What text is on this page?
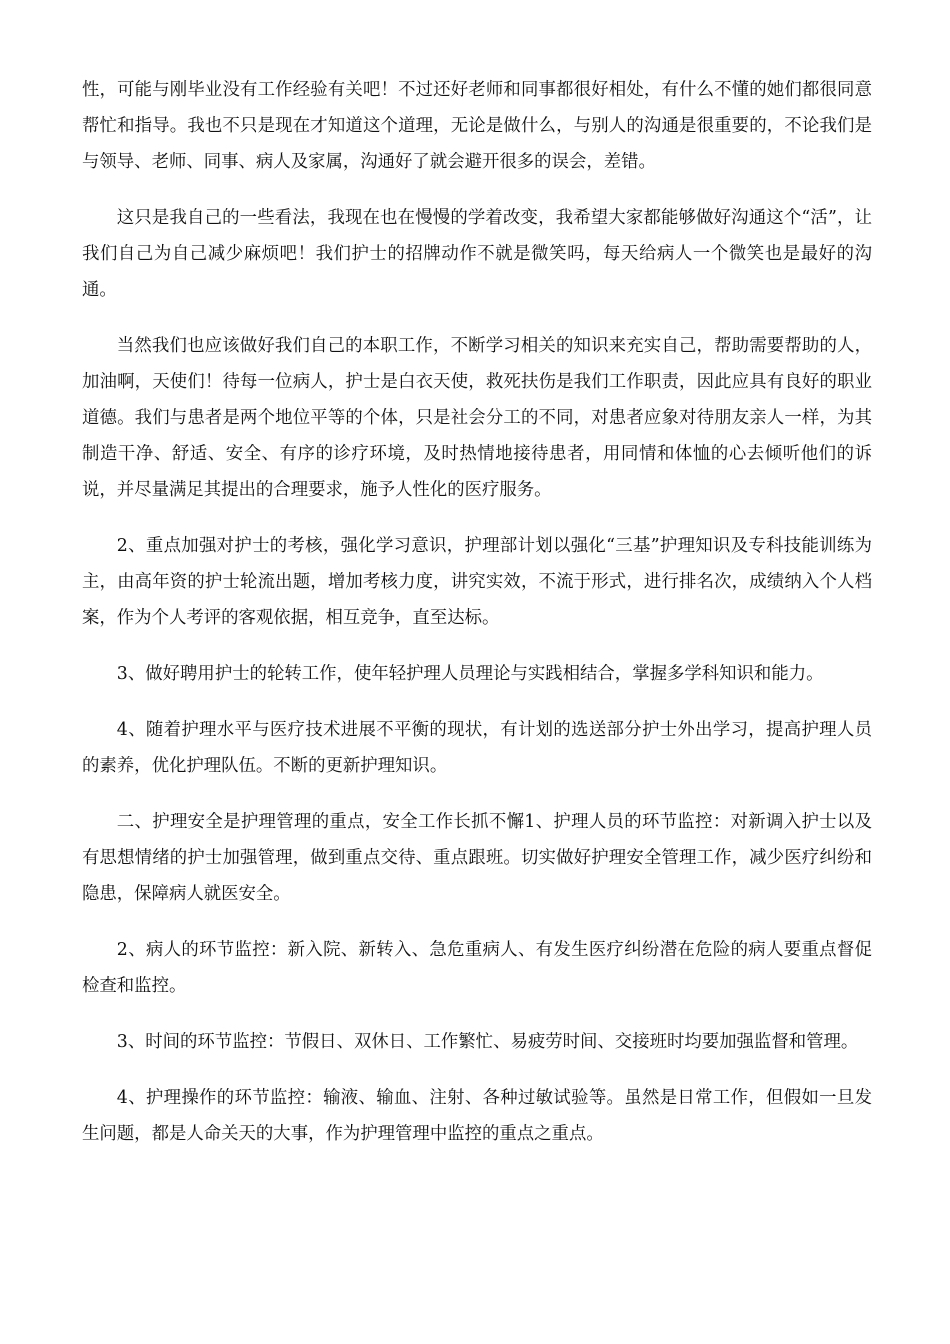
性，可能与刚毕业没有工作经验有关吧！不过还好老师和同事都很好相处，有什么不懂的她们都很同意帮忙和指导。我也不只是现在才知道这个道理，无论是做什么，与别人的沟通是很重要的，不论我们是与领导、老师、同事、病人及家属，沟通好了就会避开很多的误会，差错。

这只是我自己的一些看法，我现在也在慢慢的学着改变，我希望大家都能够做好沟通这个“活”，让我们自己为自己减少麻烦吧！我们护士的招牌动作不就是微笑吗，每天给病人一个微笑也是最好的沟通。

当然我们也应该做好我们自己的本职工作，不断学习相关的知识来充实自己，帮助需要帮助的人，加油啊，天使们！待每一位病人，护士是白衣天使，救死扶伤是我们工作职责，因此应具有良好的职业道德。我们与患者是两个地位平等的个体，只是社会分工的不同，对患者应象对待朋友亲人一样，为其制造干净、舒适、安全、有序的诊疗环境，及时热情地接待患者，用同情和体恤的心去倾听他们的诉说，并尽量满足其提出的合理要求，施予人性化的医疗服务。

2、重点加强对护士的考核，强化学习意识，护理部计划以强化“三基”护理知识及专科技能训练为主，由高年资的护士轮流出题，增加考核力度，讲究实效，不流于形式，进行排名次，成绩纳入个人档案，作为个人考评的客观依据，相互竞争，直至达标。

3、做好聘用护士的轮转工作，使年轻护理人员理论与实践相结合，掌握多学科知识和能力。

4、随着护理水平与医疗技术进展不平衡的现状，有计划的选送部分护士外出学习，提高护理人员的素养，优化护理队伍。不断的更新护理知识。

二、护理安全是护理管理的重点，安全工作长抓不懈1、护理人员的环节监控：对新调入护士以及有思想情绪的护士加强管理，做到重点交待、重点跟班。切实做好护理安全管理工作，减少医疗纠纷和隐患，保障病人就医安全。

2、病人的环节监控：新入院、新转入、急危重病人、有发生医疗纠纷潜在危险的病人要重点督促检查和监控。

3、时间的环节监控：节假日、双休日、工作繁忙、易疲劳时间、交接班时均要加强监督和管理。

4、护理操作的环节监控：输液、输血、注射、各种过敏试验等。虽然是日常工作，但假如一旦发生问题，都是人命关天的大事，作为护理管理中监控的重点之重点。
